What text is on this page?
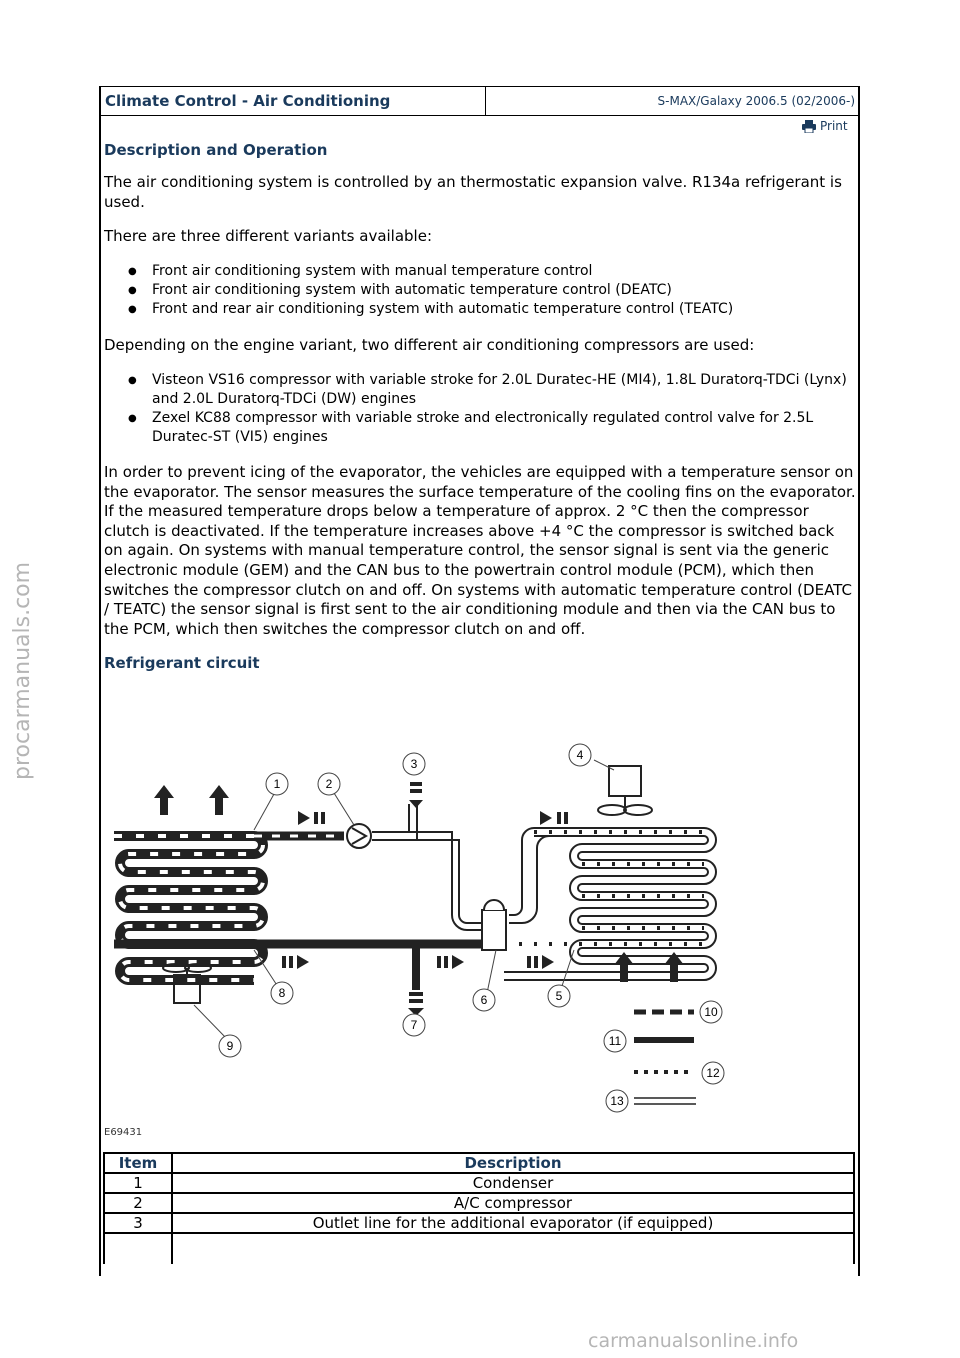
Climate Control - Air Conditioning	S-MAX/Galaxy 2006.5 (02/2006-)
Print
Description and Operation

The air conditioning system is controlled by an thermostatic expansion valve. R134a refrigerant is used.

There are three different variants available:

● Front air conditioning system with manual temperature control
● Front air conditioning system with automatic temperature control (DEATC)
● Front and rear air conditioning system with automatic temperature control (TEATC)

Depending on the engine variant, two different air conditioning compressors are used:

● Visteon VS16 compressor with variable stroke for 2.0L Duratec-HE (MI4), 1.8L Duratorq-TDCi (Lynx) and 2.0L Duratorq-TDCi (DW) engines
● Zexel KC88 compressor with variable stroke and electronically regulated control valve for 2.5L Duratec-ST (VI5) engines

In order to prevent icing of the evaporator, the vehicles are equipped with a temperature sensor on the evaporator. The sensor measures the surface temperature of the cooling fins on the evaporator. If the measured temperature drops below a temperature of approx. 2 °C then the compressor clutch is deactivated. If the temperature increases above +4 °C the compressor is switched back on again. On systems with manual temperature control, the sensor signal is sent via the generic electronic module (GEM) and the CAN bus to the powertrain control module (PCM), which then switches the compressor clutch on and off. On systems with automatic temperature control (DEATC / TEATC) the sensor signal is first sent to the air conditioning module and then via the CAN bus to the PCM, which then switches the compressor clutch on and off.

Refrigerant circuit
1	2
3
4
5
6
7
8
9
10
11
12
13
E69431
Item	Description
1	Condenser
2	A/C compressor
3	Outlet line for the additional evaporator (if equipped)

procarmanuals.com
carmanualsonline.info
